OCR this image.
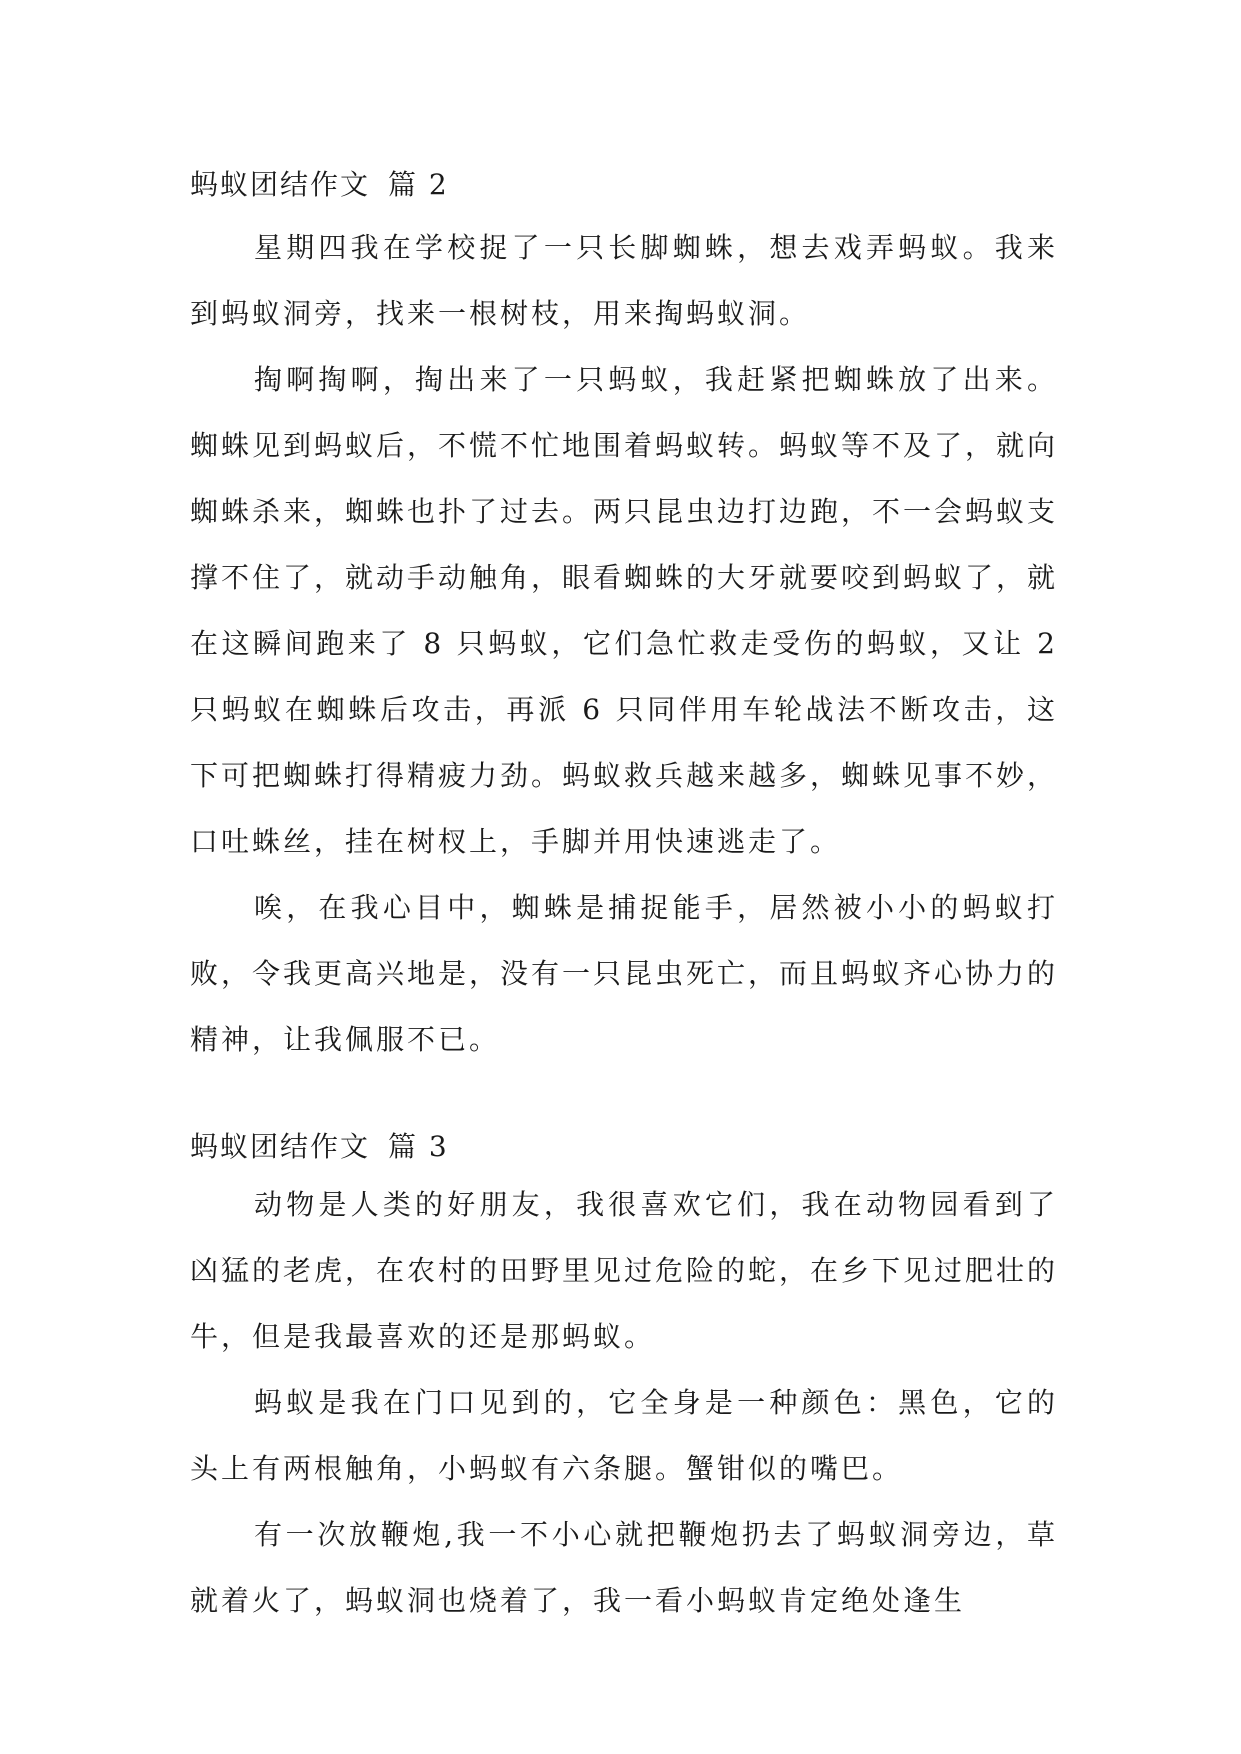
蚂蚁团结作文 篇 2

星期四我在学校捉了一只长脚蜘蛛，想去戏弄蚂蚁。我来到蚂蚁洞旁，找来一根树枝，用来掏蚂蚁洞。

掏啊掏啊，掏出来了一只蚂蚁，我赶紧把蜘蛛放了出来。蜘蛛见到蚂蚁后，不慌不忙地围着蚂蚁转。蚂蚁等不及了，就向蜘蛛杀来，蜘蛛也扑了过去。两只昆虫边打边跑，不一会蚂蚁支撑不住了，就动手动触角，眼看蜘蛛的大牙就要咬到蚂蚁了，就在这瞬间跑来了 8 只蚂蚁，它们急忙救走受伤的蚂蚁，又让 2 只蚂蚁在蜘蛛后攻击，再派 6 只同伴用车轮战法不断攻击，这下可把蜘蛛打得精疲力劲。蚂蚁救兵越来越多，蜘蛛见事不妙，口吐蛛丝，挂在树杈上，手脚并用快速逃走了。

唉，在我心目中，蜘蛛是捕捉能手，居然被小小的蚂蚁打败，令我更高兴地是，没有一只昆虫死亡，而且蚂蚁齐心协力的精神，让我佩服不已。

蚂蚁团结作文 篇 3

动物是人类的好朋友，我很喜欢它们，我在动物园看到了凶猛的老虎，在农村的田野里见过危险的蛇，在乡下见过肥壮的牛，但是我最喜欢的还是那蚂蚁。

蚂蚁是我在门口见到的，它全身是一种颜色：黑色，它的头上有两根触角，小蚂蚁有六条腿。蟹钳似的嘴巴。

有一次放鞭炮,我一不小心就把鞭炮扔去了蚂蚁洞旁边，草就着火了，蚂蚁洞也烧着了，我一看小蚂蚁肯定绝处逢生
